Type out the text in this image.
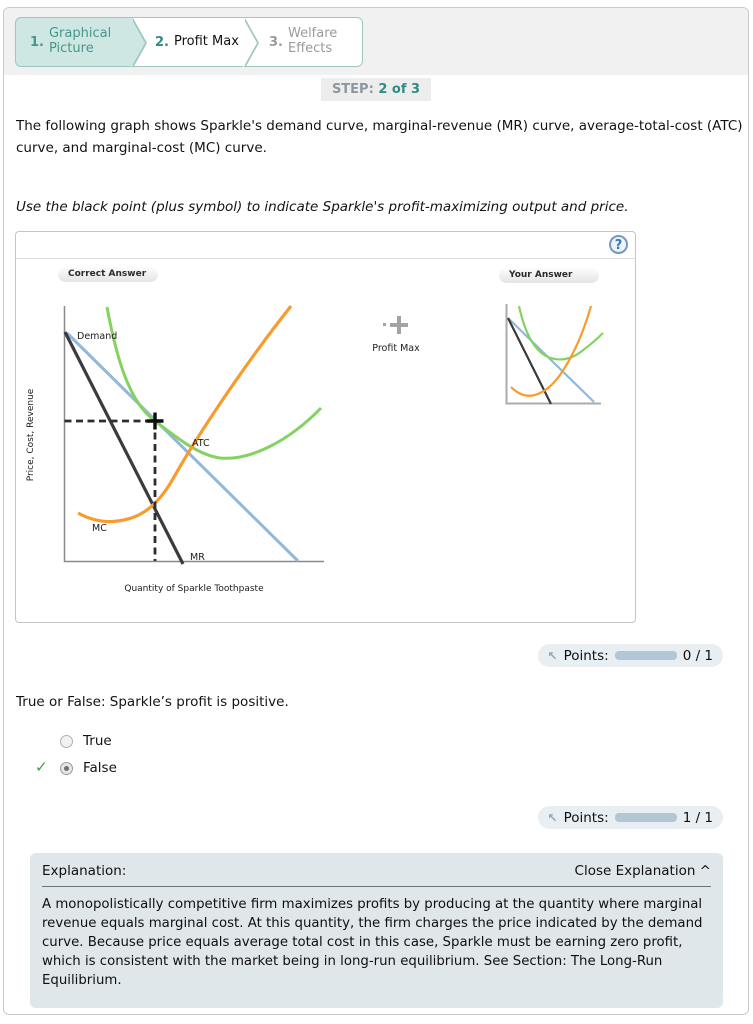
1.
Graphical Picture	2. Profit Max 3.
Welfare Effects
STEP: 2 of 3
The following graph shows Sparkle's demand curve, marginal-revenue (MR) curve, average-total-cost (ATC) curve, and marginal-cost (MC) curve.
Use the black point (plus symbol) to indicate Sparkle's profit-maximizing output and price.
?
Demand
ATC
MC
MR
Price, Cost, Revenue
Quantity of Sparkle Toothpaste
Correct Answer	Your Answer
Profit Max
↖ Points:	0 / 1
True or False: Sparkle’s profit is positive.
True
✓	False
↖ Points:	1 / 1
Explanation:	Close Explanation ^
A monopolistically competitive firm maximizes profits by producing at the quantity where marginal revenue equals marginal cost. At this quantity, the firm charges the price indicated by the demand curve. Because price equals average total cost in this case, Sparkle must be earning zero profit, which is consistent with the market being in long-run equilibrium. See Section: The Long-Run Equilibrium.
